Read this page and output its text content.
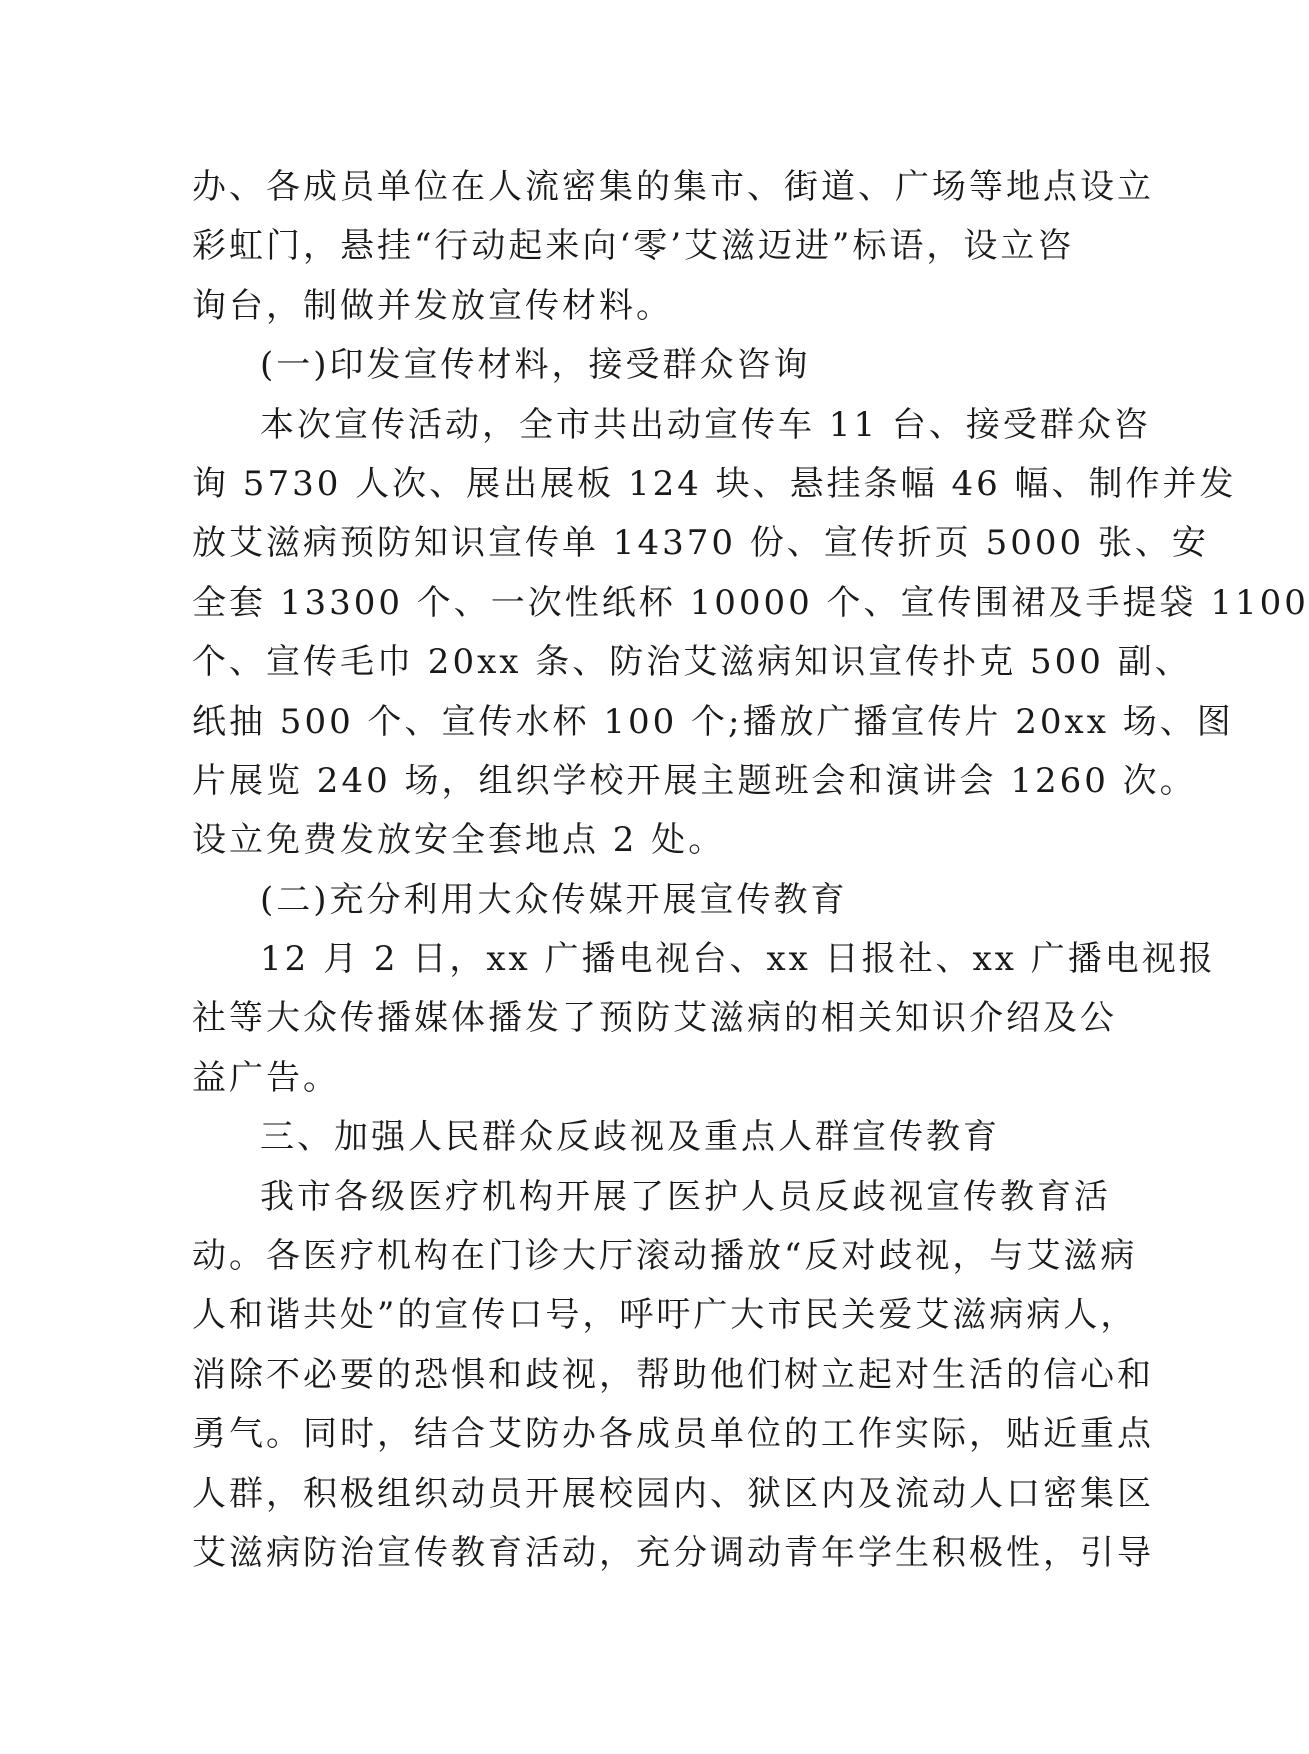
办、各成员单位在人流密集的集市、街道、广场等地点设立
彩虹门，悬挂“行动起来向‘零’艾滋迈进”标语，设立咨
询台，制做并发放宣传材料。
(一)印发宣传材料，接受群众咨询
本次宣传活动，全市共出动宣传车 11 台、接受群众咨
询 5730 人次、展出展板 124 块、悬挂条幅 46 幅、制作并发
放艾滋病预防知识宣传单 14370 份、宣传折页 5000 张、安
全套 13300 个、一次性纸杯 10000 个、宣传围裙及手提袋 1100
个、宣传毛巾 20xx 条、防治艾滋病知识宣传扑克 500 副、
纸抽 500 个、宣传水杯 100 个;播放广播宣传片 20xx 场、图
片展览 240 场，组织学校开展主题班会和演讲会 1260 次。
设立免费发放安全套地点 2 处。
(二)充分利用大众传媒开展宣传教育
12 月 2 日，xx 广播电视台、xx 日报社、xx 广播电视报
社等大众传播媒体播发了预防艾滋病的相关知识介绍及公
益广告。
三、加强人民群众反歧视及重点人群宣传教育
我市各级医疗机构开展了医护人员反歧视宣传教育活
动。各医疗机构在门诊大厅滚动播放“反对歧视，与艾滋病
人和谐共处”的宣传口号，呼吁广大市民关爱艾滋病病人，
消除不必要的恐惧和歧视，帮助他们树立起对生活的信心和
勇气。同时，结合艾防办各成员单位的工作实际，贴近重点
人群，积极组织动员开展校园内、狱区内及流动人口密集区
艾滋病防治宣传教育活动，充分调动青年学生积极性，引导
